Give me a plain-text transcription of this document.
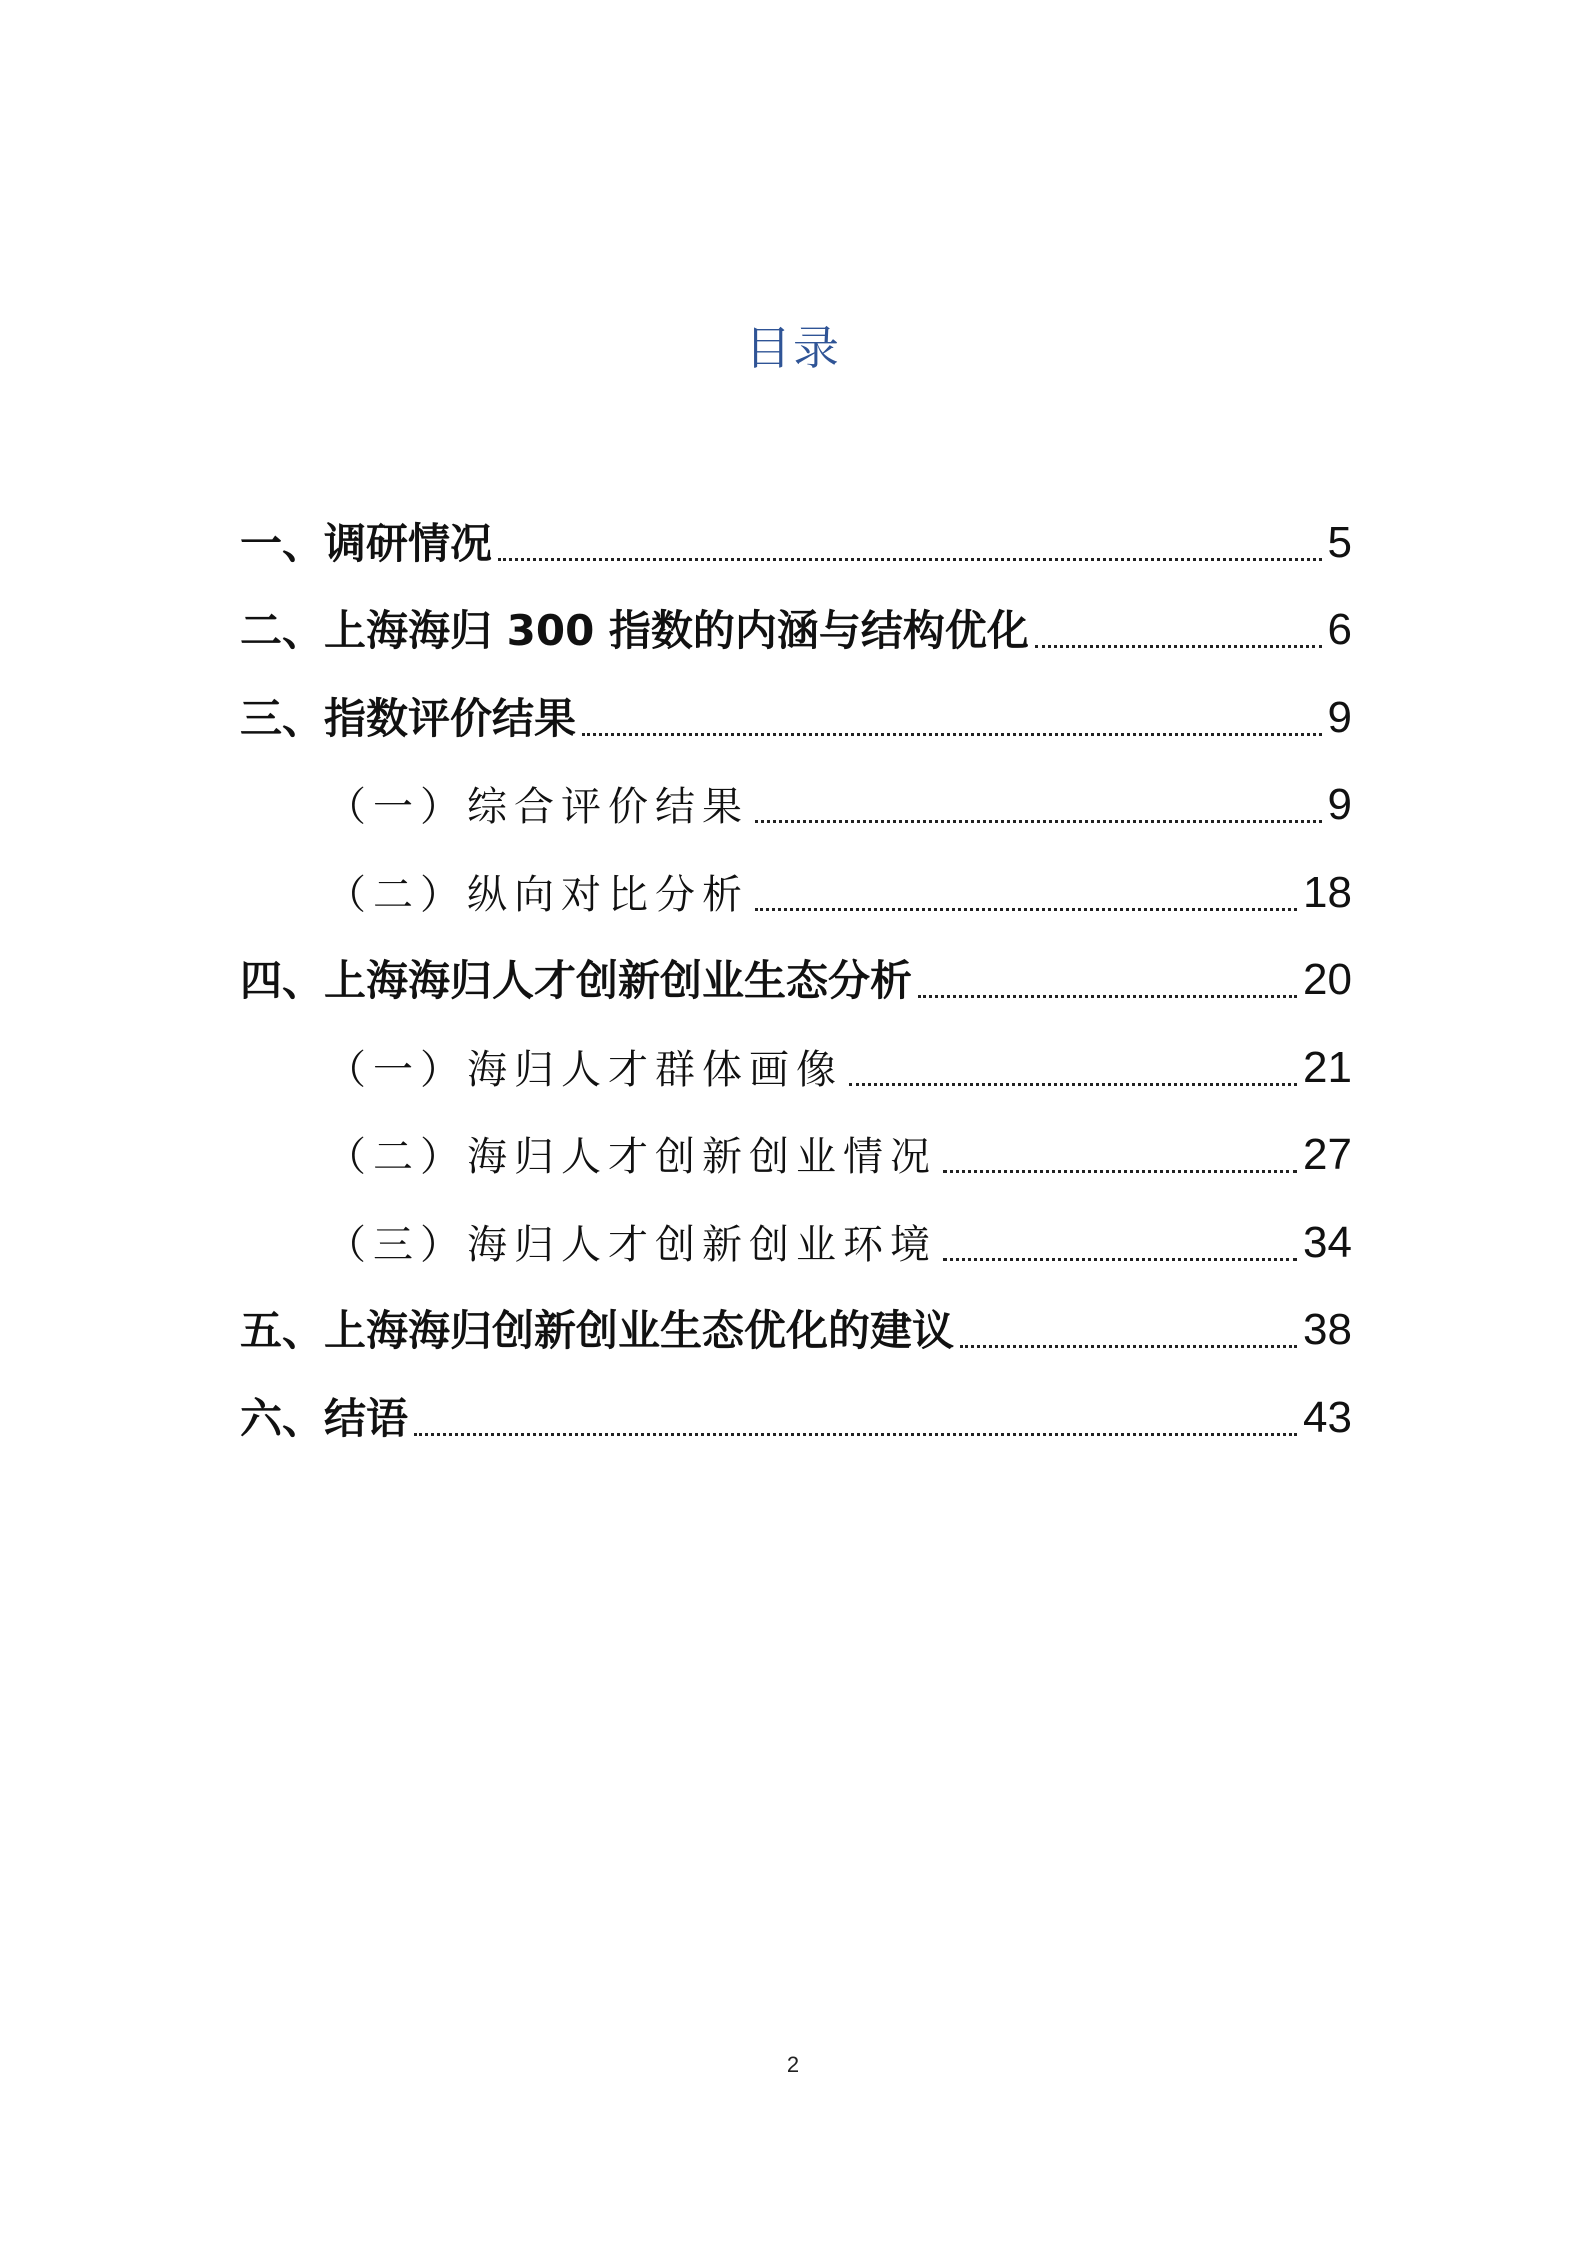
目录
一、调研情况	5
二、上海海归 300 指数的内涵与结构优化	6
三、指数评价结果	9
（一）综合评价结果	9
（二）纵向对比分析	18
四、上海海归人才创新创业生态分析	20
（一）海归人才群体画像	21
（二）海归人才创新创业情况	27
（三）海归人才创新创业环境	34
五、上海海归创新创业生态优化的建议	38
六、结语	43
2
